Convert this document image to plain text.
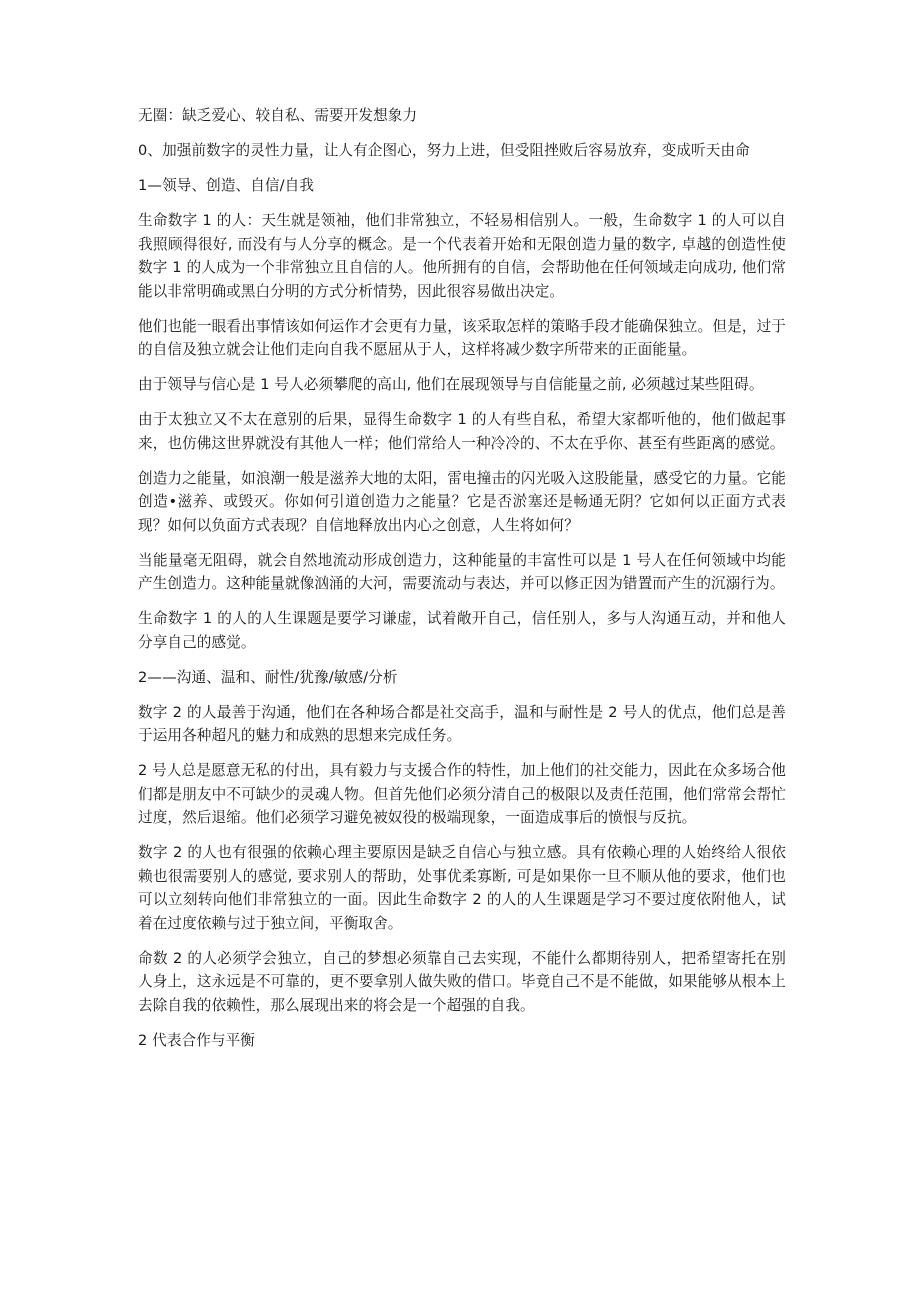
无圈：缺乏爱心、较自私、需要开发想象力

0、加强前数字的灵性力量，让人有企图心，努力上进，但受阻挫败后容易放弃，变成听天由命

1—领导、创造、自信/自我

生命数字 1 的人：天生就是领袖，他们非常独立，不轻易相信别人。一般，生命数字 1 的人可以自我照顾得很好, 而没有与人分享的概念。是一个代表着开始和无限创造力量的数字, 卓越的创造性使数字 1 的人成为一个非常独立且自信的人。他所拥有的自信，会帮助他在任何领域走向成功, 他们常能以非常明确或黑白分明的方式分析情势，因此很容易做出决定。

他们也能一眼看出事情该如何运作才会更有力量，该采取怎样的策略手段才能确保独立。但是，过于的自信及独立就会让他们走向自我不愿屈从于人，这样将减少数字所带来的正面能量。

由于领导与信心是 1 号人必须攀爬的高山, 他们在展现领导与自信能量之前, 必须越过某些阻碍。

由于太独立又不太在意别的后果，显得生命数字 1 的人有些自私，希望大家都听他的，他们做起事来，也仿佛这世界就没有其他人一样；他们常给人一种冷冷的、不太在乎你、甚至有些距离的感觉。

创造力之能量，如浪潮一般是滋养大地的太阳，雷电撞击的闪光吸入这股能量，感受它的力量。它能创造•滋养、或毁灭。你如何引道创造力之能量？它是否淤塞还是畅通无阴？它如何以正面方式表现？如何以负面方式表现？自信地释放出内心之创意，人生将如何？

当能量毫无阻碍，就会自然地流动形成创造力，这种能量的丰富性可以是 1 号人在任何领域中均能产生创造力。这种能量就像汹涌的大河，需要流动与表达，并可以修正因为错置而产生的沉溺行为。

生命数字 1 的人的人生课题是要学习谦虚，试着敞开自己，信任别人，多与人沟通互动，并和他人分享自己的感觉。

2——沟通、温和、耐性/犹豫/敏感/分析

数字 2 的人最善于沟通，他们在各种场合都是社交高手，温和与耐性是 2 号人的优点，他们总是善于运用各种超凡的魅力和成熟的思想来完成任务。

2 号人总是愿意无私的付出，具有毅力与支援合作的特性，加上他们的社交能力，因此在众多场合他们都是朋友中不可缺少的灵魂人物。但首先他们必须分清自己的极限以及责任范围，他们常常会帮忙过度，然后退缩。他们必须学习避免被奴役的极端现象，一面造成事后的愤恨与反抗。

数字 2 的人也有很强的依赖心理主要原因是缺乏自信心与独立感。具有依赖心理的人始终给人很依赖也很需要别人的感觉, 要求别人的帮助，处事优柔寡断, 可是如果你一旦不顺从他的要求，他们也可以立刻转向他们非常独立的一面。因此生命数字 2 的人的人生课题是学习不要过度依附他人，试着在过度依赖与过于独立间，平衡取舍。

命数 2 的人必须学会独立，自己的梦想必须靠自己去实现，不能什么都期待别人，把希望寄托在别人身上，这永远是不可靠的，更不要拿别人做失败的借口。毕竟自己不是不能做，如果能够从根本上去除自我的依赖性，那么展现出来的将会是一个超强的自我。

2 代表合作与平衡
